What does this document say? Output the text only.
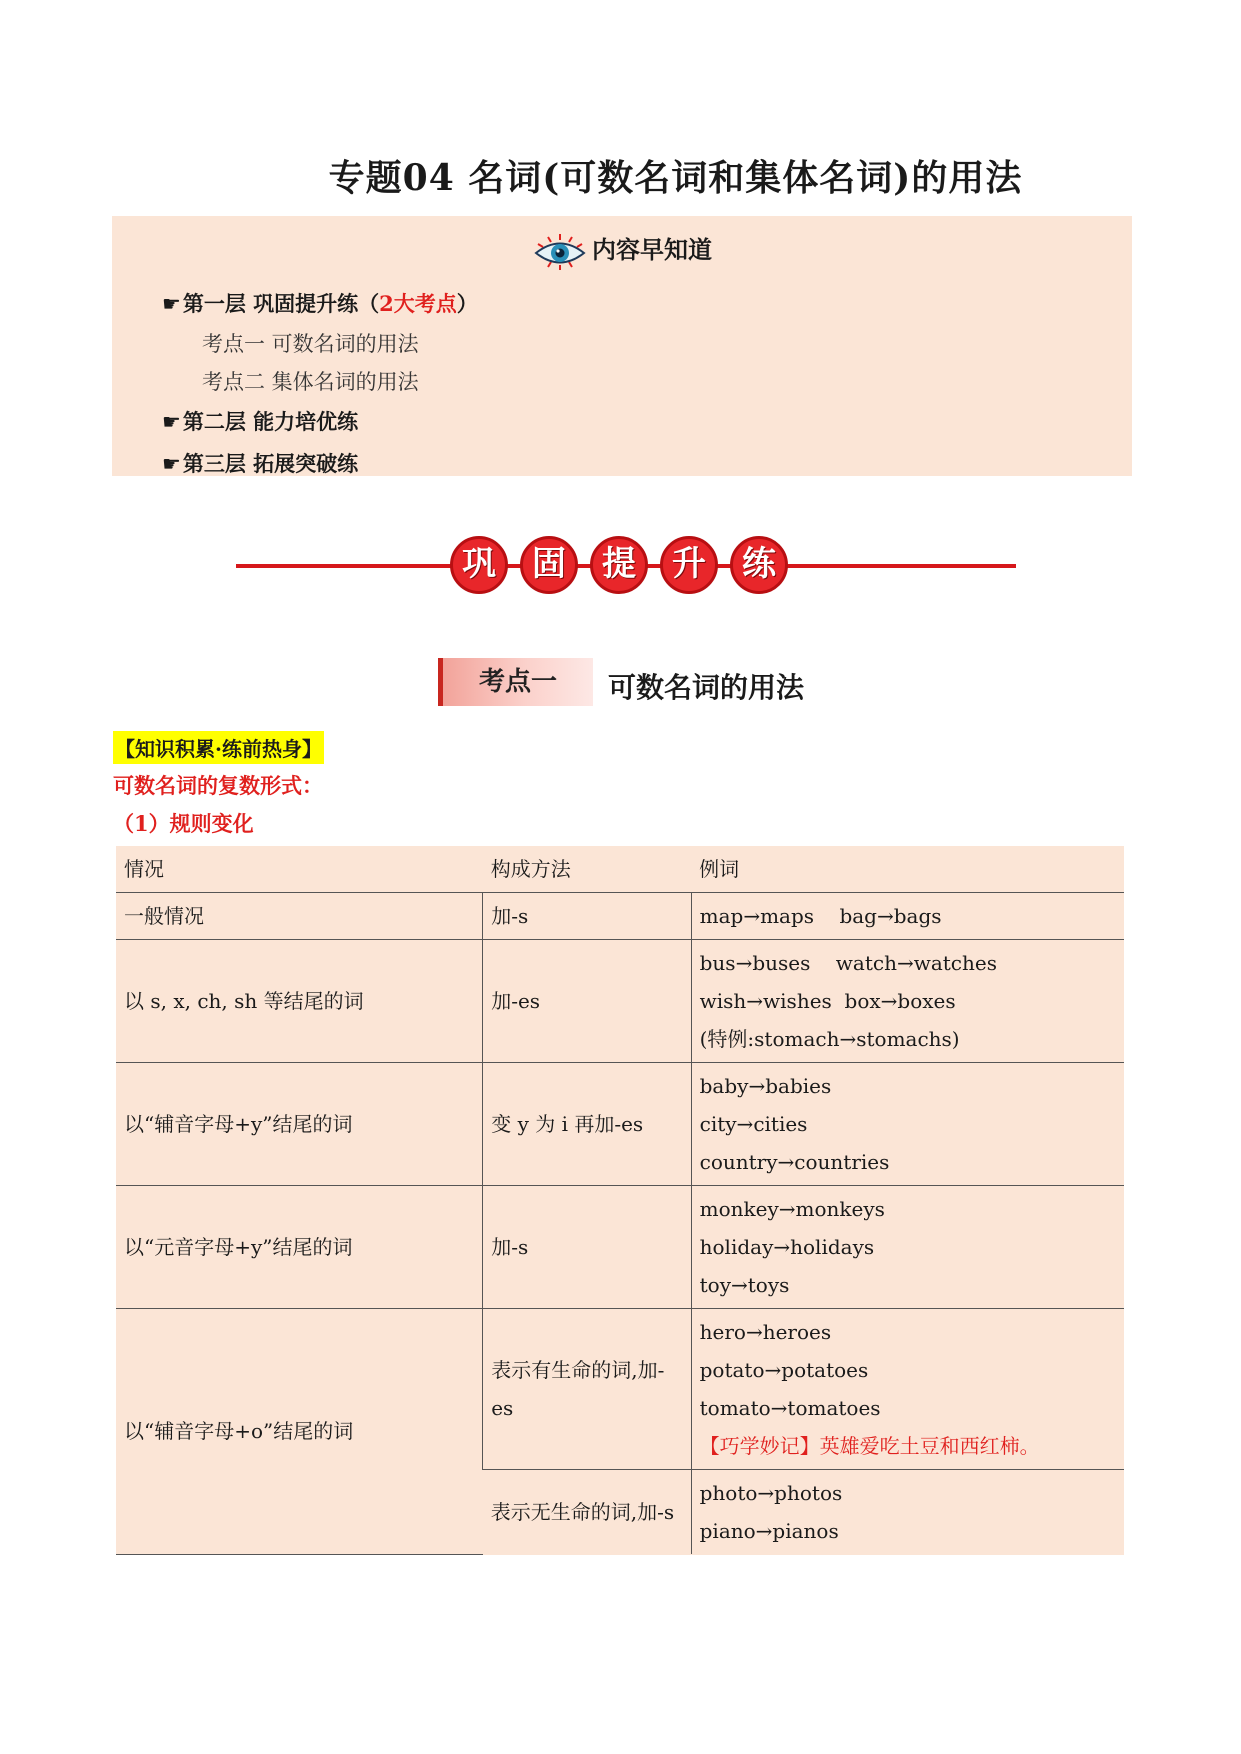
专题04 名词(可数名词和集体名词)的用法
内容早知道
☛第一层 巩固提升练（2大考点）
考点一 可数名词的用法
考点二 集体名词的用法
☛第二层 能力培优练
☛第三层 拓展突破练
巩	固	提	升	练
考点一	可数名词的用法
【知识积累·练前热身】
可数名词的复数形式：
（1）规则变化
情况	构成方法	例词
一般情况	加-s	map→maps    bag→bags

以 s, x, ch, sh 等结尾的词	加-es	bus→buses    watch→watches
wish→wishes  box→boxes
(特例:stomach→stomachs)

以“辅音字母+y”结尾的词	变 y 为 i 再加-es	baby→babies
city→cities
country→countries

以“元音字母+y”结尾的词	加-s	monkey→monkeys
holiday→holidays
toy→toys

以“辅音字母+o”结尾的词	表示有生命的词,加-es	hero→heroes
potato→potatoes
tomato→tomatoes
【巧学妙记】英雄爱吃土豆和西红柿。

	表示无生命的词,加-s	photo→photos
piano→pianos
